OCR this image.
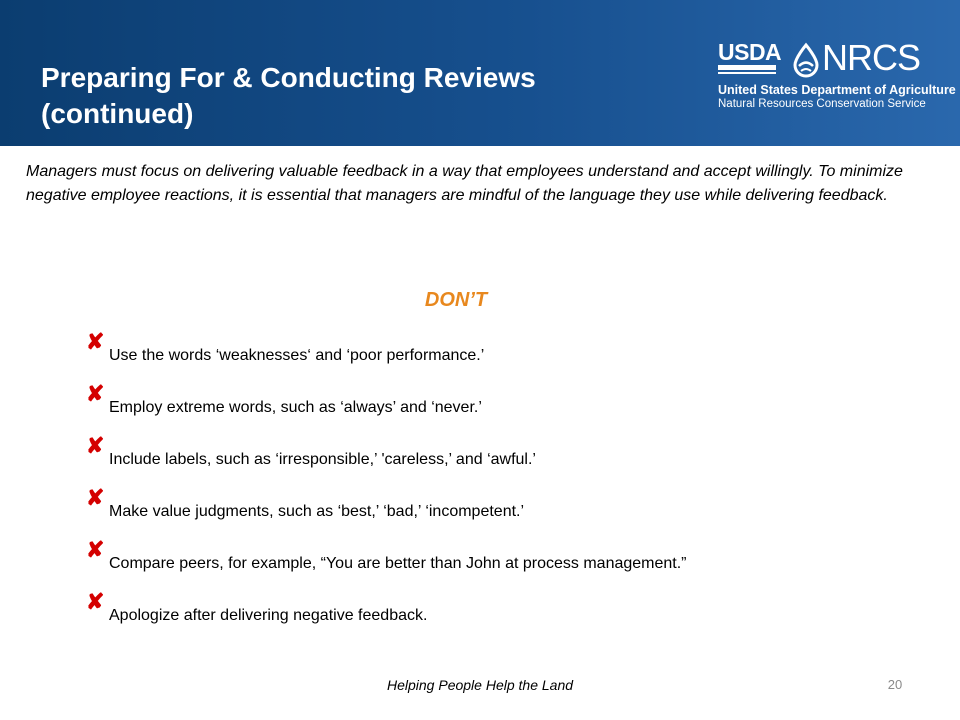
Preparing For & Conducting Reviews
(continued)
USDA NRCS
United States Department of Agriculture
Natural Resources Conservation Service
Managers must focus on delivering valuable feedback in a way that employees understand and accept willingly. To minimize negative employee reactions, it is essential that managers are mindful of the language they use while delivering feedback.
DON’T
✘
Use the words ‘weaknesses‘ and ‘poor performance.’
✘
Employ extreme words, such as ‘always’ and ‘never.’
✘
Include labels, such as ‘irresponsible,’ 'careless,’ and ‘awful.’
✘
Make value judgments, such as ‘best,’ ‘bad,’ ‘incompetent.’
✘
Compare peers, for example, “You are better than John at process management.”
✘
Apologize after delivering negative feedback.
Helping People Help the Land	20
